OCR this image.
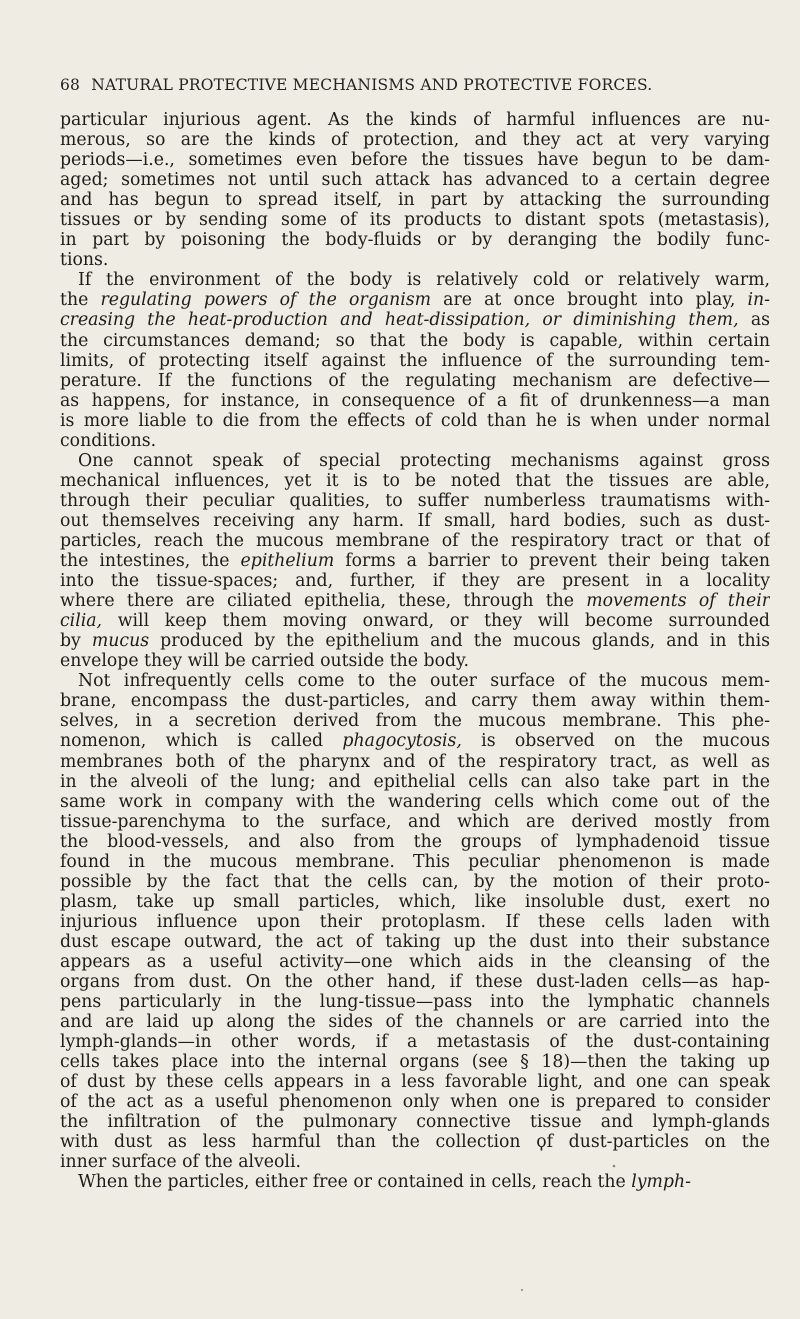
68 NATURAL PROTECTIVE MECHANISMS AND PROTECTIVE FORCES.
particular injurious agent. As the kinds of harmful influences are nu-
merous, so are the kinds of protection, and they act at very varying
periods—i.e., sometimes even before the tissues have begun to be dam-
aged; sometimes not until such attack has advanced to a certain degree
and has begun to spread itself, in part by attacking the surrounding
tissues or by sending some of its products to distant spots (metastasis),
in part by poisoning the body-fluids or by deranging the bodily func-
tions.
If the environment of the body is relatively cold or relatively warm,
the regulating powers of the organism are at once brought into play, in-
creasing the heat-production and heat-dissipation, or diminishing them, as
the circumstances demand; so that the body is capable, within certain
limits, of protecting itself against the influence of the surrounding tem-
perature. If the functions of the regulating mechanism are defective—
as happens, for instance, in consequence of a fit of drunkenness—a man
is more liable to die from the effects of cold than he is when under normal
conditions.
One cannot speak of special protecting mechanisms against gross
mechanical influences, yet it is to be noted that the tissues are able,
through their peculiar qualities, to suffer numberless traumatisms with-
out themselves receiving any harm. If small, hard bodies, such as dust-
particles, reach the mucous membrane of the respiratory tract or that of
the intestines, the epithelium forms a barrier to prevent their being taken
into the tissue-spaces; and, further, if they are present in a locality
where there are ciliated epithelia, these, through the movements of their
cilia, will keep them moving onward, or they will become surrounded
by mucus produced by the epithelium and the mucous glands, and in this
envelope they will be carried outside the body.
Not infrequently cells come to the outer surface of the mucous mem-
brane, encompass the dust-particles, and carry them away within them-
selves, in a secretion derived from the mucous membrane. This phe-
nomenon, which is called phagocytosis, is observed on the mucous
membranes both of the pharynx and of the respiratory tract, as well as
in the alveoli of the lung; and epithelial cells can also take part in the
same work in company with the wandering cells which come out of the
tissue-parenchyma to the surface, and which are derived mostly from
the blood-vessels, and also from the groups of lymphadenoid tissue
found in the mucous membrane. This peculiar phenomenon is made
possible by the fact that the cells can, by the motion of their proto-
plasm, take up small particles, which, like insoluble dust, exert no
injurious influence upon their protoplasm. If these cells laden with
dust escape outward, the act of taking up the dust into their substance
appears as a useful activity—one which aids in the cleansing of the
organs from dust. On the other hand, if these dust-laden cells—as hap-
pens particularly in the lung-tissue—pass into the lymphatic channels
and are laid up along the sides of the channels or are carried into the
lymph-glands—in other words, if a metastasis of the dust-containing
cells takes place into the internal organs (see § 18)—then the taking up
of dust by these cells appears in a less favorable light, and one can speak
of the act as a useful phenomenon only when one is prepared to consider
the infiltration of the pulmonary connective tissue and lymph-glands
with dust as less harmful than the collection ϙf dust-particles on the
inner surface of the alveoli.
When the particles, either free or contained in cells, reach the lymph-
